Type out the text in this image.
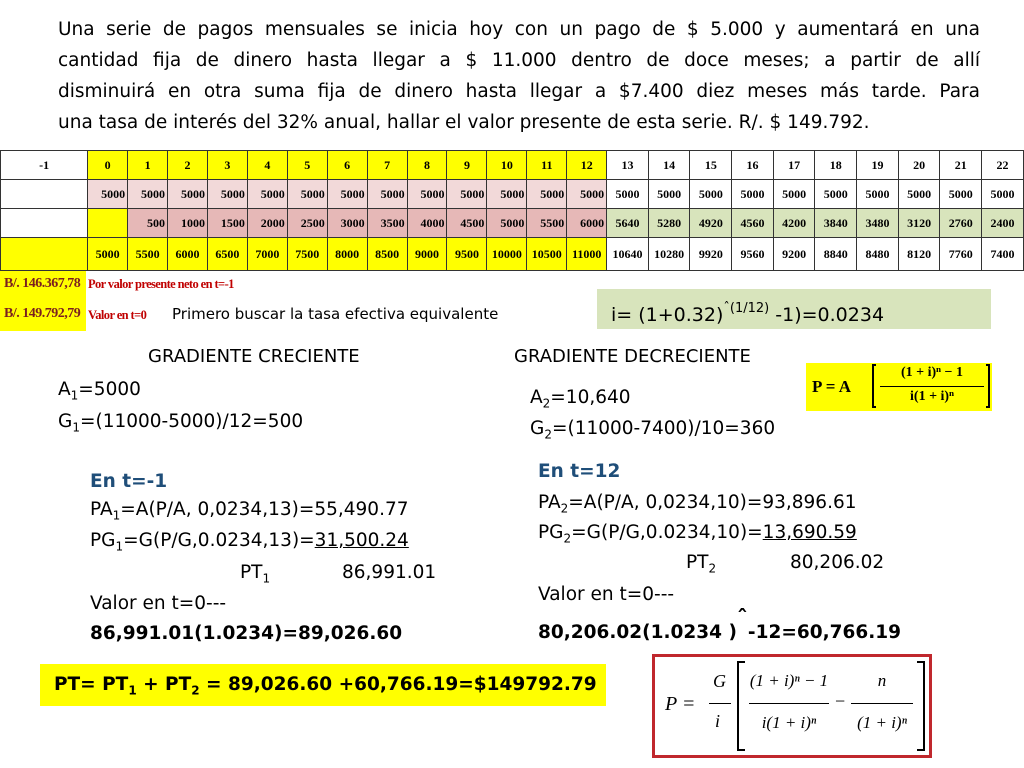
Una serie de pagos mensuales se inicia hoy con un pago de $ 5.000 y aumentará en una
cantidad fija de dinero hasta llegar a $ 11.000 dentro de doce meses; a partir de allí
disminuirá en otra suma fija de dinero hasta llegar a $7.400 diez meses más tarde. Para
una tasa de interés del 32% anual, hallar el valor presente de esta serie. R/. $ 149.792.
-1	0	1	2	3	4	5	6	7	8	9	10	11	12	13	14	15	16	17	18	19	20	21	22
	5000	5000	5000	5000	5000	5000	5000	5000	5000	5000	5000	5000	5000	5000	5000	5000	5000	5000	5000	5000	5000	5000	5000
		500	1000	1500	2000	2500	3000	3500	4000	4500	5000	5500	6000	5640	5280	4920	4560	4200	3840	3480	3120	2760	2400
	5000	5500	6000	6500	7000	7500	8000	8500	9000	9500	10000	10500	11000	10640	10280	9920	9560	9200	8840	8480	8120	7760	7400
B/. 146.367,78 Por valor presente neto en t=-1
B/. 149.792,79 Valor en t=0 Primero buscar la tasa efectiva equivalente	$i= (1+0.32)^{ˆ(1/12)}$ -1)=0.0234
GRADIENTE CRECIENTE
$A_1=5000$
$G_1=(11000-5000)/12=500$
En t=-1
$PA_1=A(P/A$, 0,0234,13)=55,490.77
$PG_1=G(P/G,0.0234,13)=31,500.24$
$PT_1$	86,991.01
Valor en t=0---
86,991.01(1.0234)=89,026.60
GRADIENTE DECRECIENTE
$A_2=10,640$
$G_2=(11000-7400)/10=360$
En t=12
$PA_2=A(P/A$, 0,0234,10)=93,896.61
$PG_2=G(P/G,0.0234,10)=13,690.59$
$PT_2$	80,206.02
Valor en t=0---
80,206.02(1.0234 )ˆ-12=60,766.19
P = A
(1 + i)ⁿ − 1
i(1 + i)ⁿ
$PT= PT_1 + PT_2 = 89,026.60$ +60,766.19=$149792.79
P =
G
i
(1 + i)ⁿ − 1
i(1 + i)ⁿ
−
n
(1 + i)ⁿ
